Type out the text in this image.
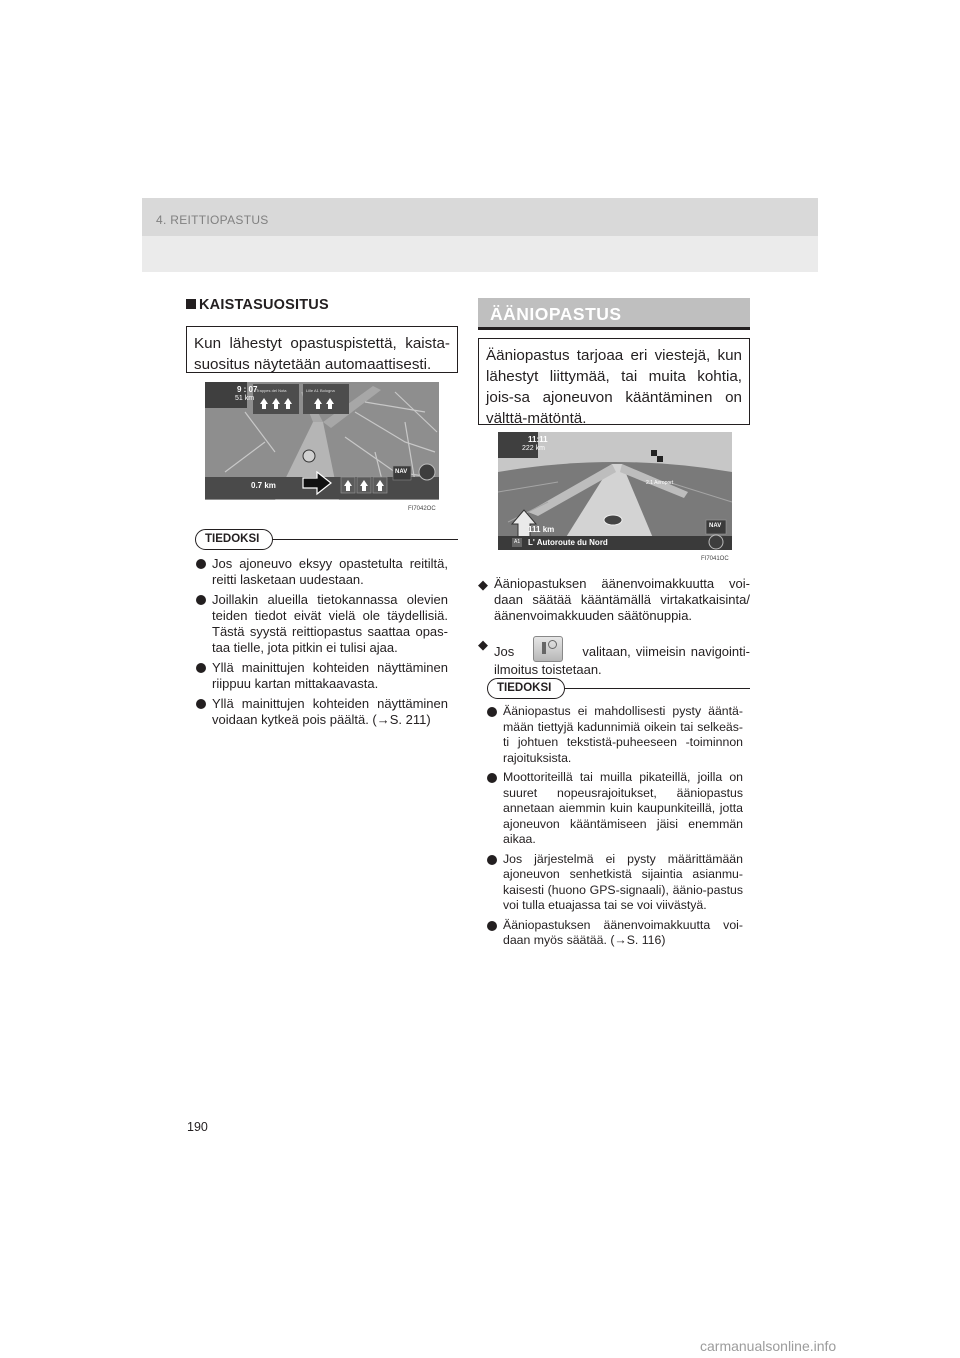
4. REITTIOPASTUS
KAISTASUOSITUS
Kun lähestyt opastuspistettä, kaista-suositus näytetään automaattisesti.
9 : 07
51 km
Trappes del Nota	Lille A1 Bologna
0.7 km
NAV
FI7042OC
TIEDOKSI
Jos ajoneuvo eksyy opastetulta reitiltä, reitti lasketaan uudestaan.
Joillakin alueilla tietokannassa olevien teiden tiedot eivät vielä ole täydellisiä. Tästä syystä reittiopastus saattaa opas-taa tielle, jota pitkin ei tulisi ajaa.
Yllä mainittujen kohteiden näyttäminen riippuu kartan mittakaavasta.
Yllä mainittujen kohteiden näyttäminen voidaan kytkeä pois päältä. (→S. 211)
ÄÄNIOPASTUS
Ääniopastus tarjoaa eri viestejä, kun lähestyt liittymää, tai muita kohtia, jois-sa ajoneuvon kääntäminen on välttä-mätöntä.
11:11
222 km
2.1 Aeroport
111 km
A1 L' Autoroute du Nord
NAV
FI7041OC
◆ Ääniopastuksen äänenvoimakkuutta voi-daan säätää kääntämällä virtakatkaisinta/ äänenvoimakkuuden säätönuppia.
◆ Jos	valitaan, viimeisin navigointi-ilmoitus toistetaan.
TIEDOKSI
Ääniopastus ei mahdollisesti pysty ääntä-mään tiettyjä kadunnimiä oikein tai selkeäs-ti johtuen tekstistä-puheeseen -toiminnon rajoituksista.
Moottoriteillä tai muilla pikateillä, joilla on suuret nopeusrajoitukset, ääniopastus annetaan aiemmin kuin kaupunkiteillä, jotta ajoneuvon kääntämiseen jäisi enemmän aikaa.
Jos järjestelmä ei pysty määrittämään ajoneuvon senhetkistä sijaintia asianmu-kaisesti (huono GPS-signaali), äänio-pastus voi tulla etuajassa tai se voi viivästyä.
Ääniopastuksen äänenvoimakkuutta voi-daan myös säätää. (→S. 116)
190
carmanualsonline.info
